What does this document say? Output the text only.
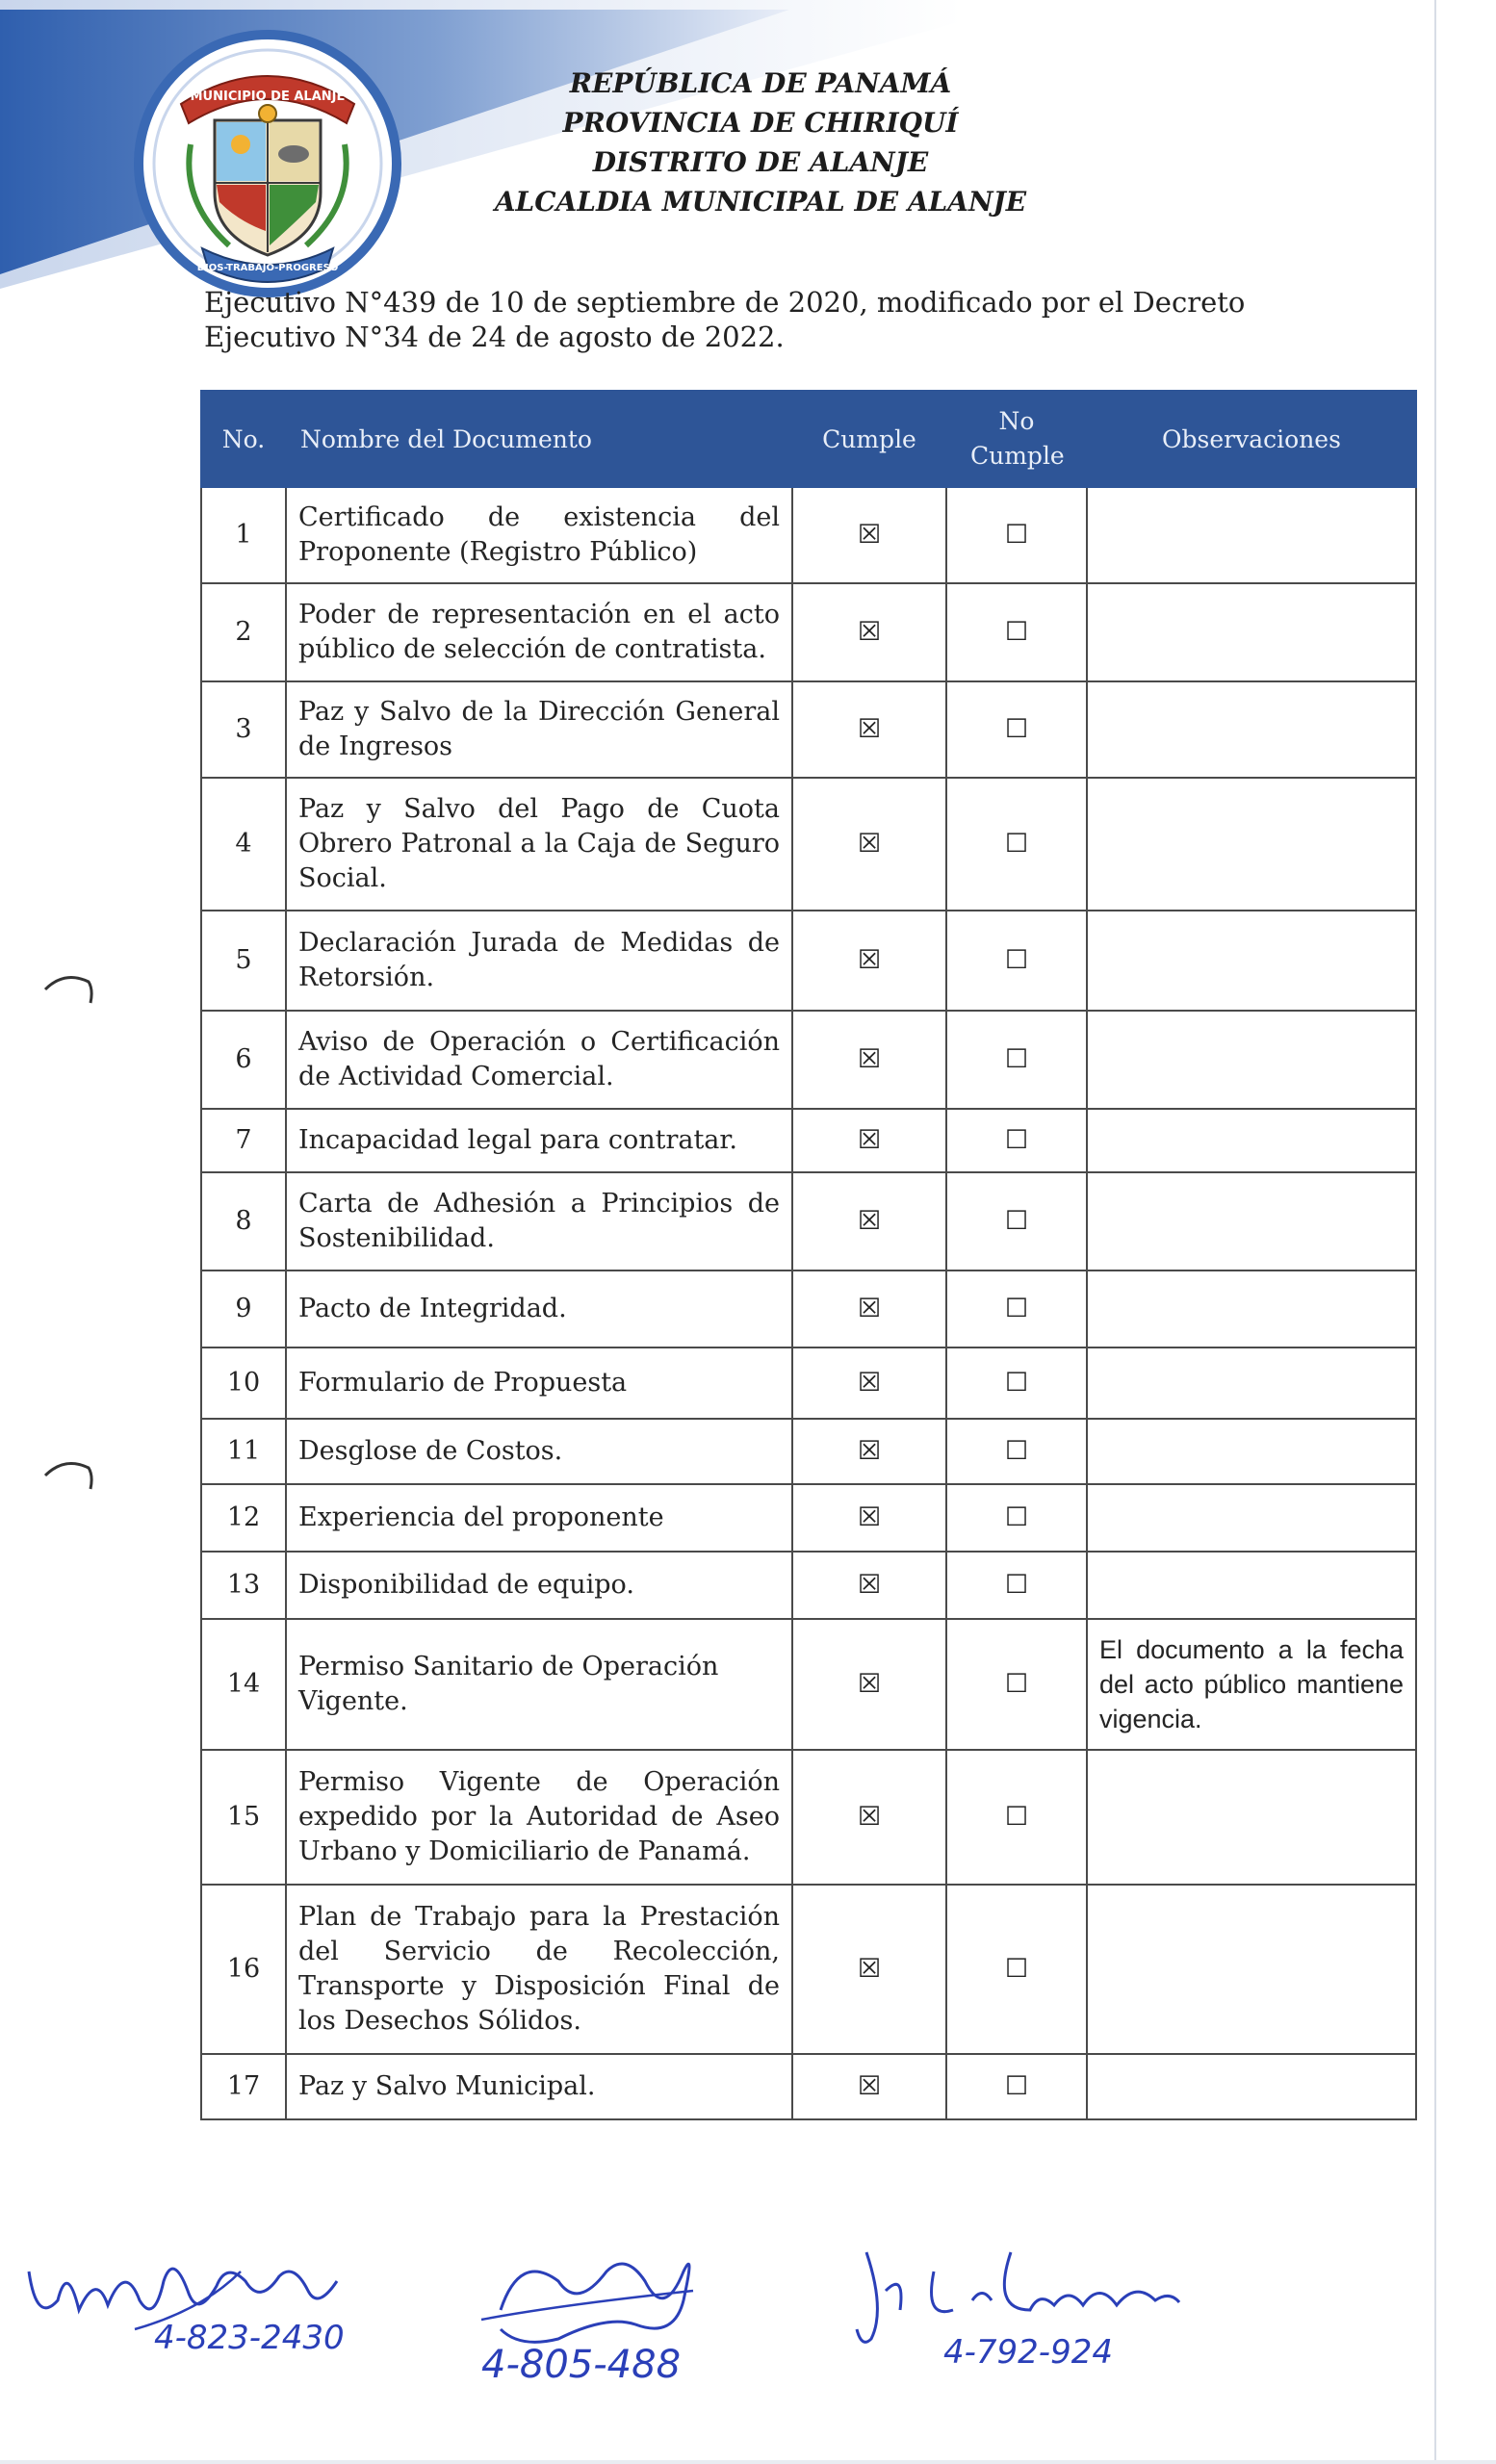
MUNICIPIO DE ALANJE
DIOS-TRABAJO-PROGRESO
REPÚBLICA DE PANAMÁ
PROVINCIA DE CHIRIQUÍ
DISTRITO DE ALANJE
ALCALDIA MUNICIPAL DE ALANJE
Ejecutivo N°439 de 10 de septiembre de 2020, modificado por el Decreto Ejecutivo N°34 de 24 de agosto de 2022.
No.	Nombre del Documento	Cumple	No Cumple	Observaciones
1	Certificado de existencia del Proponente (Registro Público)	☒	☐	
2	Poder de representación en el acto público de selección de contratista.	☒	☐	
3	Paz y Salvo de la Dirección General de Ingresos	☒	☐	
4	Paz y Salvo del Pago de Cuota Obrero Patronal a la Caja de Seguro Social.	☒	☐	
5	Declaración Jurada de Medidas de Retorsión.	☒	☐	
6	Aviso de Operación o Certificación de Actividad Comercial.	☒	☐	
7	Incapacidad legal para contratar.	☒	☐	
8	Carta de Adhesión a Principios de Sostenibilidad.	☒	☐	
9	Pacto de Integridad.	☒	☐	
10	Formulario de Propuesta	☒	☐	
11	Desglose de Costos.	☒	☐	
12	Experiencia del proponente	☒	☐	
13	Disponibilidad de equipo.	☒	☐	
14	Permiso Sanitario de Operación Vigente.	☒	☐	El documento a la fecha del acto público mantiene vigencia.
15	Permiso Vigente de Operación expedido por la Autoridad de Aseo Urbano y Domiciliario de Panamá.	☒	☐	
16	Plan de Trabajo para la Prestación del Servicio de Recolección, Transporte y Disposición Final de los Desechos Sólidos.	☒	☐	
17	Paz y Salvo Municipal.	☒	☐	
4-823-2430
4-805-488	4-792-924
